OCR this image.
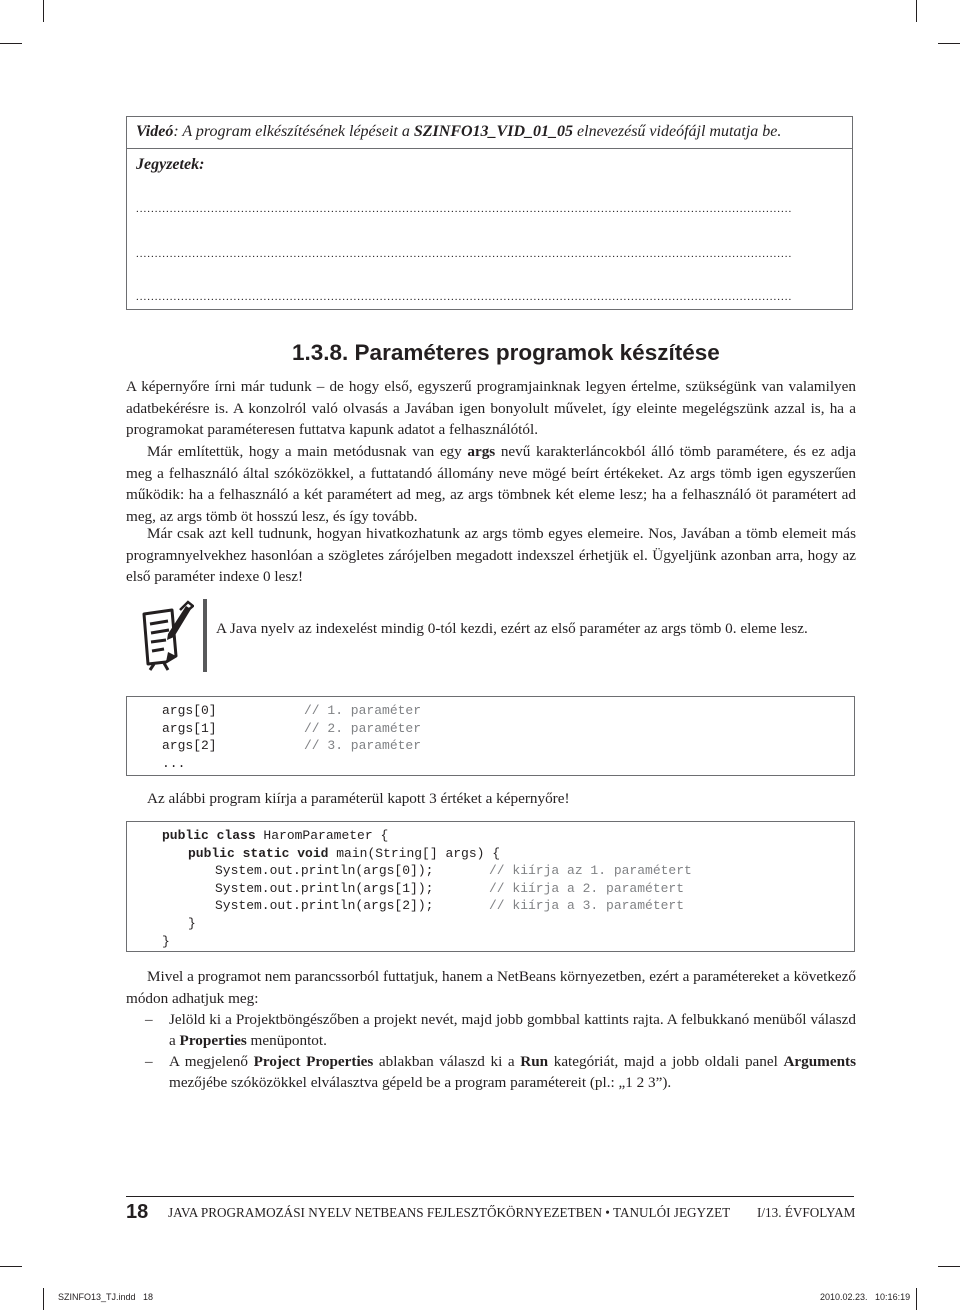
Videó: A program elkészítésének lépéseit a SZINFO13_VID_01_05 elnevezésű videófájl mutatja be.
Jegyzetek:
...............................................................................................................................................................................
...............................................................................................................................................................................
...............................................................................................................................................................................
1.3.8. Paraméteres programok készítése

A képernyőre írni már tudunk – de hogy első, egyszerű programjainknak legyen értelme, szükségünk van valamilyen adatbekérésre is. A konzolról való olvasás a Javában igen bonyolult művelet, így eleinte megelégszünk azzal is, ha a programokat paraméteresen futtatva kapunk adatot a felhasználótól.

Már említettük, hogy a main metódusnak van egy args nevű karakterláncokból álló tömb paramétere, és ez adja meg a felhasználó által szóközökkel, a futtatandó állomány neve mögé beírt értékeket. Az args tömb igen egyszerűen működik: ha a felhasználó a két paramétert ad meg, az args tömbnek két eleme lesz; ha a felhasználó öt paramétert ad meg, az args tömb öt hosszú lesz, és így tovább.

Már csak azt kell tudnunk, hogyan hivatkozhatunk az args tömb egyes elemeire. Nos, Javában a tömb elemeit más programnyelvekhez hasonlóan a szögletes zárójelben megadott indexszel érhetjük el. Ügyeljünk azonban arra, hogy az első paraméter indexe 0 lesz!

A Java nyelv az indexelést mindig 0-tól kezdi, ezért az első paraméter az args tömb 0. eleme lesz.

args[0]	// 1. paraméter
args[1]	// 2. paraméter
args[2]	// 3. paraméter
...

Az alábbi program kiírja a paraméterül kapott 3 értéket a képernyőre!

public class HaromParameter {
public static void main(String[] args) {
System.out.println(args[0]);	// kiírja az 1. paramétert
System.out.println(args[1]);	// kiírja a 2. paramétert
System.out.println(args[2]);	// kiírja a 3. paramétert
}
}

Mivel a programot nem parancssorból futtatjuk, hanem a NetBeans környezetben, ezért a paramétereket a következő módon adhatjuk meg:

– Jelöld ki a Projektböngészőben a projekt nevét, majd jobb gombbal kattints rajta. A felbukkanó menüből válaszd a Properties menüpontot.
– A megjelenő Project Properties ablakban válaszd ki a Run kategóriát, majd a jobb oldali panel Arguments mezőjébe szóközökkel elválasztva gépeld be a program paramétereit (pl.: „1 2 3”).
18 JAVA PROGRAMOZÁSI NYELV NETBEANS FEJLESZTŐKÖRNYEZETBEN • TANULÓI JEGYZET I/13. ÉVFOLYAM
SZINFO13_TJ.indd   18	2010.02.23.   10:16:19
